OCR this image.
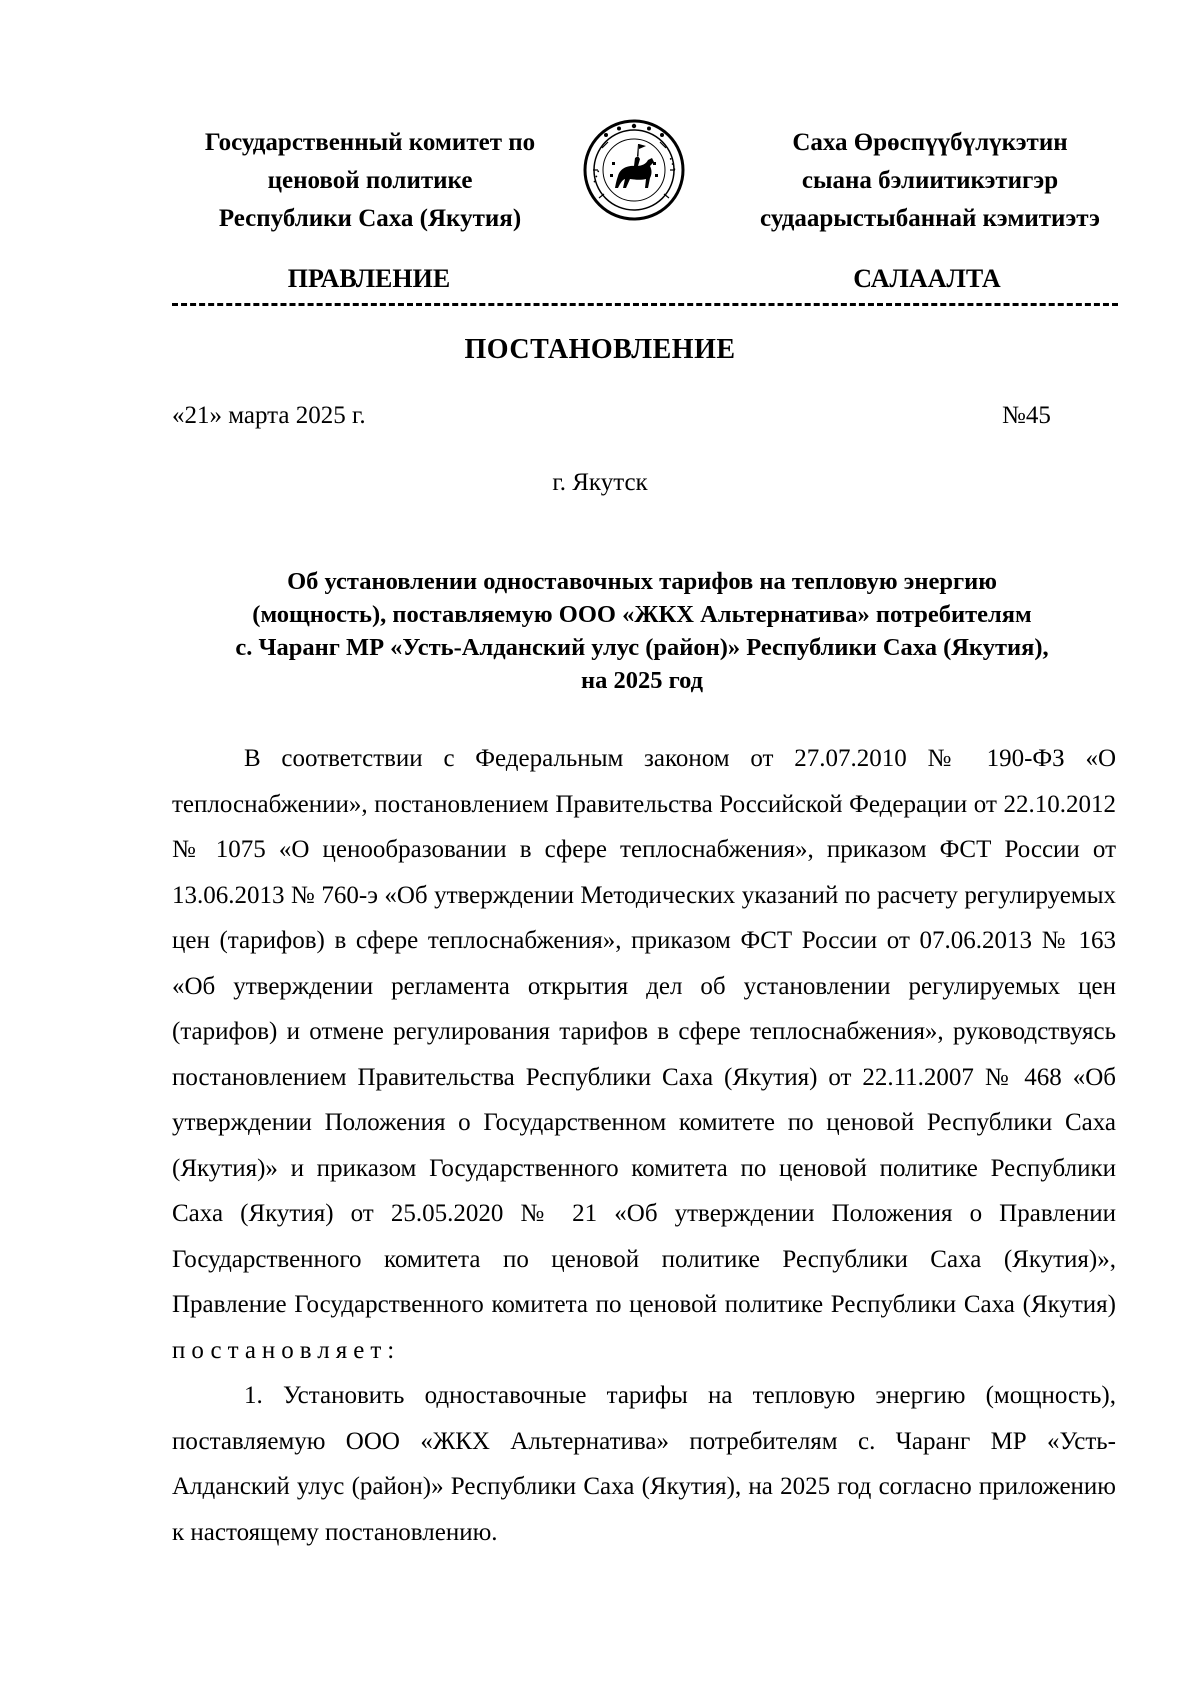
Государственный комитет по
ценовой политике
Республики Саха (Якутия)
• • •
• • •
Саха Өрөспүүбүлүкэтин
сыана бэлиитикэтигэр
судаарыстыбаннай кэмитиэтэ
ПРАВЛЕНИЕ	САЛААЛТА
ПОСТАНОВЛЕНИЕ
«21» марта 2025 г.	№45
г. Якутск
Об установлении одноставочных тарифов на тепловую энергию
(мощность), поставляемую ООО «ЖКХ Альтернатива» потребителям
с. Чаранг МР «Усть-Алданский улус (район)» Республики Саха (Якутия),
на 2025 год

В соответствии с Федеральным законом от 27.07.2010 № 190-ФЗ «О теплоснабжении», постановлением Правительства Российской Федерации от 22.10.2012 № 1075 «О ценообразовании в сфере теплоснабжения», приказом ФСТ России от 13.06.2013 № 760-э «Об утверждении Методических указаний по расчету регулируемых цен (тарифов) в сфере теплоснабжения», приказом ФСТ России от 07.06.2013 № 163 «Об утверждении регламента открытия дел об установлении регулируемых цен (тарифов) и отмене регулирования тарифов в сфере теплоснабжения», руководствуясь постановлением Правительства Республики Саха (Якутия) от 22.11.2007 № 468 «Об утверждении Положения о Государственном комитете по ценовой Республики Саха (Якутия)» и приказом Государственного комитета по ценовой политике Республики Саха (Якутия) от 25.05.2020 № 21 «Об утверждении Положения о Правлении Государственного комитета по ценовой политике Республики Саха (Якутия)», Правление Государственного комитета по ценовой политике Республики Саха (Якутия) постановляет:

1. Установить одноставочные тарифы на тепловую энергию (мощность), поставляемую ООО «ЖКХ Альтернатива» потребителям с. Чаранг МР «Усть-Алданский улус (район)» Республики Саха (Якутия), на 2025 год согласно приложению к настоящему постановлению.
